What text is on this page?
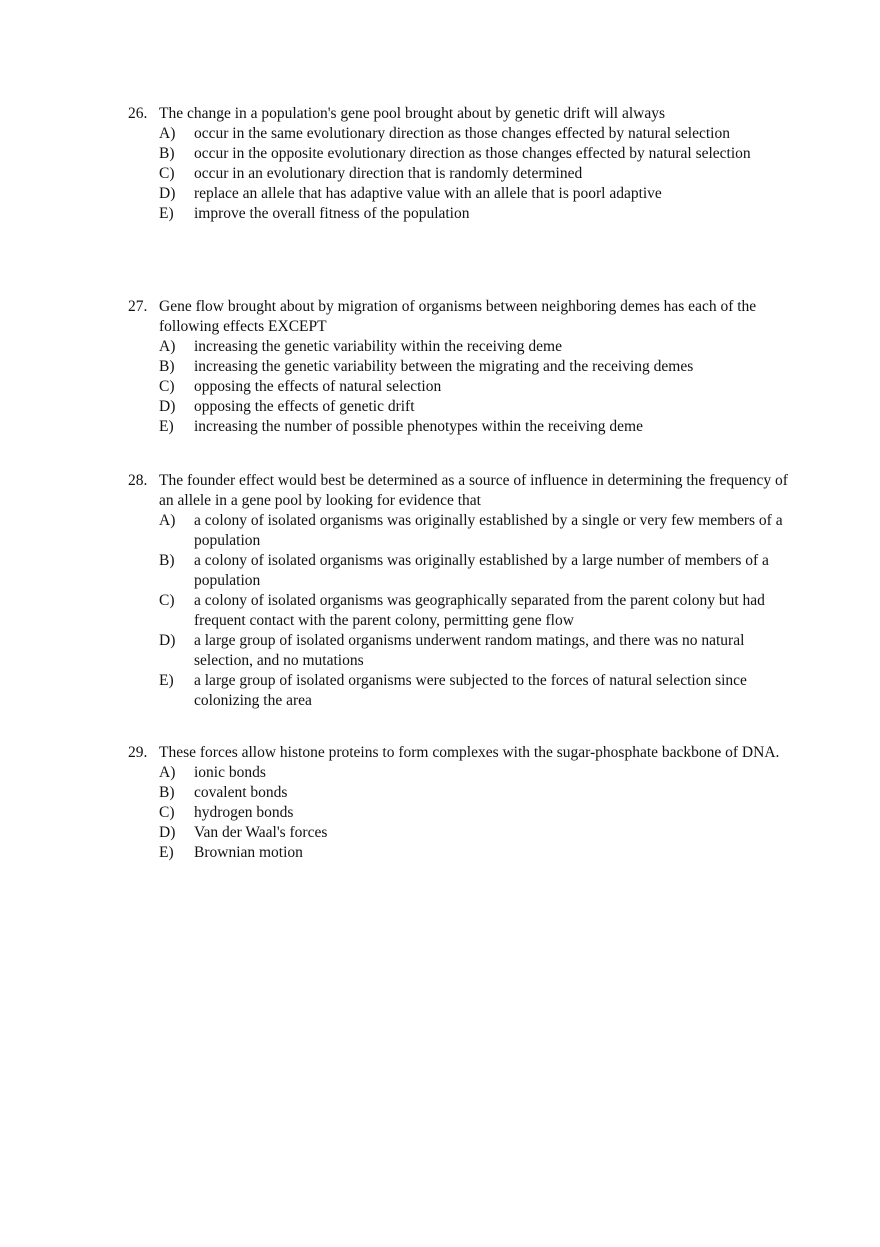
26. The change in a population's gene pool brought about by genetic drift will always
A) occur in the same evolutionary direction as those changes effected by natural selection
B) occur in the opposite evolutionary direction as those changes effected by natural selection
C) occur in an evolutionary direction that is randomly determined
D) replace an allele that has adaptive value with an allele that is poorl adaptive
E) improve the overall fitness of the population
27. Gene flow brought about by migration of organisms between neighboring demes has each of the following effects EXCEPT
A) increasing the genetic variability within the receiving deme
B) increasing the genetic variability between the migrating and the receiving demes
C) opposing the effects of natural selection
D) opposing the effects of genetic drift
E) increasing the number of possible phenotypes within the receiving deme
28. The founder effect would best be determined as a source of influence in determining the frequency of an allele in a gene pool by looking for evidence that
A) a colony of isolated organisms was originally established by a single or very few members of a population
B) a colony of isolated organisms was originally established by a large number of members of a population
C) a colony of isolated organisms was geographically separated from the parent colony but had frequent contact with the parent colony, permitting gene flow
D) a large group of isolated organisms underwent random matings, and there was no natural selection, and no mutations
E) a large group of isolated organisms were subjected to the forces of natural selection since colonizing the area
29. These forces allow histone proteins to form complexes with the sugar-phosphate backbone of DNA.
A) ionic bonds
B) covalent bonds
C) hydrogen bonds
D) Van der Waal's forces
E) Brownian motion
